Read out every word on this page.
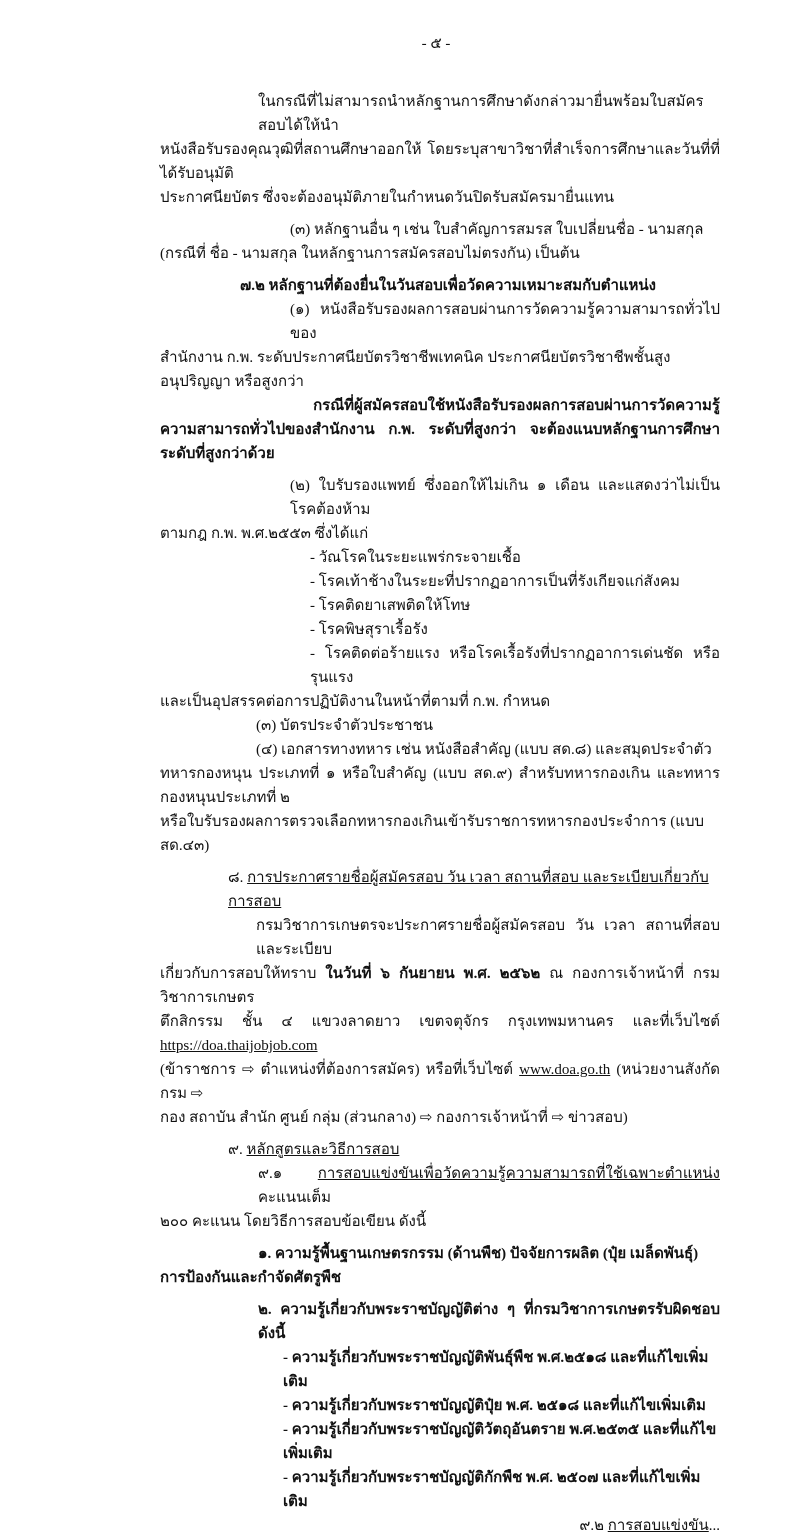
- ๕ -
ในกรณีที่ไม่สามารถนำหลักฐานการศึกษาดังกล่าวมายื่นพร้อมใบสมัครสอบได้ให้นำ
หนังสือรับรองคุณวุฒิที่สถานศึกษาออกให้ โดยระบุสาขาวิชาที่สำเร็จการศึกษาและวันที่ที่ได้รับอนุมัติ
ประกาศนียบัตร ซึ่งจะต้องอนุมัติภายในกำหนดวันปิดรับสมัครมายื่นแทน
(๓) หลักฐานอื่น ๆ เช่น ใบสำคัญการสมรส ใบเปลี่ยนชื่อ - นามสกุล
(กรณีที่ ชื่อ - นามสกุล ในหลักฐานการสมัครสอบไม่ตรงกัน) เป็นต้น
๗.๒ หลักฐานที่ต้องยื่นในวันสอบเพื่อวัดความเหมาะสมกับตำแหน่ง
(๑) หนังสือรับรองผลการสอบผ่านการวัดความรู้ความสามารถทั่วไป ของ
สำนักงาน ก.พ. ระดับประกาศนียบัตรวิชาชีพเทคนิค ประกาศนียบัตรวิชาชีพชั้นสูง อนุปริญญา หรือสูงกว่า
กรณีที่ผู้สมัครสอบใช้หนังสือรับรองผลการสอบผ่านการวัดความรู้
ความสามารถทั่วไปของสำนักงาน ก.พ. ระดับที่สูงกว่า จะต้องแนบหลักฐานการศึกษาระดับที่สูงกว่าด้วย
(๒) ใบรับรองแพทย์ ซึ่งออกให้ไม่เกิน ๑ เดือน และแสดงว่าไม่เป็นโรคต้องห้าม
ตามกฎ ก.พ. พ.ศ.๒๕๕๓ ซึ่งได้แก่
- วัณโรคในระยะแพร่กระจายเชื้อ
- โรคเท้าช้างในระยะที่ปรากฏอาการเป็นที่รังเกียจแก่สังคม
- โรคติดยาเสพติดให้โทษ
- โรคพิษสุราเรื้อรัง
- โรคติดต่อร้ายแรง หรือโรคเรื้อรังที่ปรากฏอาการเด่นชัด หรือรุนแรง
และเป็นอุปสรรคต่อการปฏิบัติงานในหน้าที่ตามที่ ก.พ. กำหนด
(๓) บัตรประจำตัวประชาชน
(๔) เอกสารทางทหาร เช่น หนังสือสำคัญ (แบบ สด.๘) และสมุดประจำตัว
ทหารกองหนุน ประเภทที่ ๑ หรือใบสำคัญ (แบบ สด.๙) สำหรับทหารกองเกิน และทหารกองหนุนประเภทที่ ๒
หรือใบรับรองผลการตรวจเลือกทหารกองเกินเข้ารับราชการทหารกองประจำการ (แบบ สด.๔๓)
๘. การประกาศรายชื่อผู้สมัครสอบ วัน เวลา สถานที่สอบ และระเบียบเกี่ยวกับการสอบ
กรมวิชาการเกษตรจะประกาศรายชื่อผู้สมัครสอบ วัน เวลา สถานที่สอบ และระเบียบ
เกี่ยวกับการสอบให้ทราบ ในวันที่ ๖ กันยายน พ.ศ. ๒๕๖๒ ณ กองการเจ้าหน้าที่ กรมวิชาการเกษตร
ตึกสิกรรม ชั้น ๔ แขวงลาดยาว เขตจตุจักร กรุงเทพมหานคร และที่เว็บไซต์ https://doa.thaijobjob.com
(ข้าราชการ ⇨ ตำแหน่งที่ต้องการสมัคร) หรือที่เว็บไซต์ www.doa.go.th (หน่วยงานสังกัดกรม ⇨
กอง สถาบัน สำนัก ศูนย์ กลุ่ม (ส่วนกลาง) ⇨ กองการเจ้าหน้าที่ ⇨ ข่าวสอบ)
๙. หลักสูตรและวิธีการสอบ
๙.๑ การสอบแข่งขันเพื่อวัดความรู้ความสามารถที่ใช้เฉพาะตำแหน่ง คะแนนเต็ม
๒๐๐ คะแนน โดยวิธีการสอบข้อเขียน ดังนี้
๑. ความรู้พื้นฐานเกษตรกรรม (ด้านพืช) ปัจจัยการผลิต (ปุ๋ย เมล็ดพันธุ์)
การป้องกันและกำจัดศัตรูพืช
๒. ความรู้เกี่ยวกับพระราชบัญญัติต่าง ๆ ที่กรมวิชาการเกษตรรับผิดชอบ ดังนี้
- ความรู้เกี่ยวกับพระราชบัญญัติพันธุ์พืช พ.ศ.๒๕๑๘ และที่แก้ไขเพิ่มเติม
- ความรู้เกี่ยวกับพระราชบัญญัติปุ๋ย พ.ศ. ๒๕๑๘ และที่แก้ไขเพิ่มเติม
- ความรู้เกี่ยวกับพระราชบัญญัติวัตถุอันตราย พ.ศ.๒๕๓๕ และที่แก้ไขเพิ่มเติม
- ความรู้เกี่ยวกับพระราชบัญญัติกักพืช พ.ศ. ๒๕๐๗ และที่แก้ไขเพิ่มเติม
๙.๒ การสอบแข่งขัน...
